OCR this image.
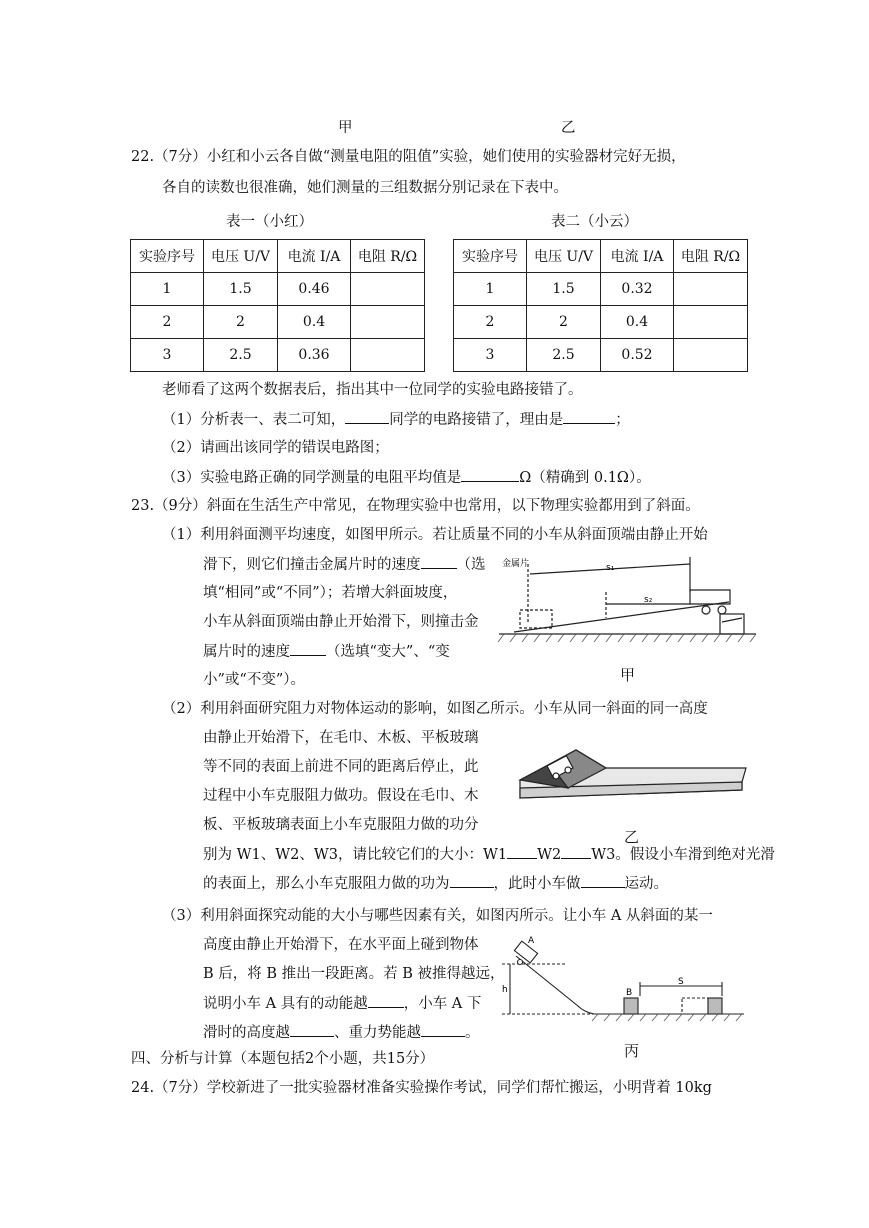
甲	乙
22.（7分）小红和小云各自做“测量电阻的阻值”实验，她们使用的实验器材完好无损，
各自的读数也很准确，她们测量的三组数据分别记录在下表中。
表一（小红）	表二（小云）
实验序号	电压 U/V	电流 I/A	电阻 R/Ω
1	1.5	0.46	
2	2	0.4	
3	2.5	0.36	
实验序号	电压 U/V	电流 I/A	电阻 R/Ω
1	1.5	0.32	
2	2	0.4	
3	2.5	0.52	
老师看了这两个数据表后，指出其中一位同学的实验电路接错了。
（1）分析表一、表二可知，	同学的电路接错了，理由是	；
（2）请画出该同学的错误电路图；
（3）实验电路正确的同学测量的电阻平均值是	Ω（精确到 0.1Ω）。
23.（9分）斜面在生活生产中常见，在物理实验中也常用，以下物理实验都用到了斜面。
（1）利用斜面测平均速度，如图甲所示。若让质量不同的小车从斜面顶端由静止开始
滑下，则它们撞击金属片时的速度 （选
填“相同”或“不同”）；若增大斜面坡度，
小车从斜面顶端由静止开始滑下，则撞击金
属片时的速度 （选填“变大”、“变
小”或“不变”）。
金属片	s₁
s₂
甲
（2）利用斜面研究阻力对物体运动的影响，如图乙所示。小车从同一斜面的同一高度
由静止开始滑下，在毛巾、木板、平板玻璃
等不同的表面上前进不同的距离后停止，此
过程中小车克服阻力做功。假设在毛巾、木
板、平板玻璃表面上小车克服阻力做的功分
别为 W1、W2、W3，请比较它们的大小：W1 W2 W3。假设小车滑到绝对光滑
的表面上，那么小车克服阻力做的功为	，此时小车做	运动。
乙
（3）利用斜面探究动能的大小与哪些因素有关，如图丙所示。让小车 A 从斜面的某一
高度由静止开始滑下，在水平面上碰到物体
B 后，将 B 推出一段距离。若 B 被推得越远，
说明小车 A 具有的动能越 ，小车 A 下
滑时的高度越	、重力势能越	。
A
B
h
S
丙
四、分析与计算（本题包括2个小题，共15分）
24.（7分）学校新进了一批实验器材准备实验操作考试，同学们帮忙搬运，小明背着 10kg
